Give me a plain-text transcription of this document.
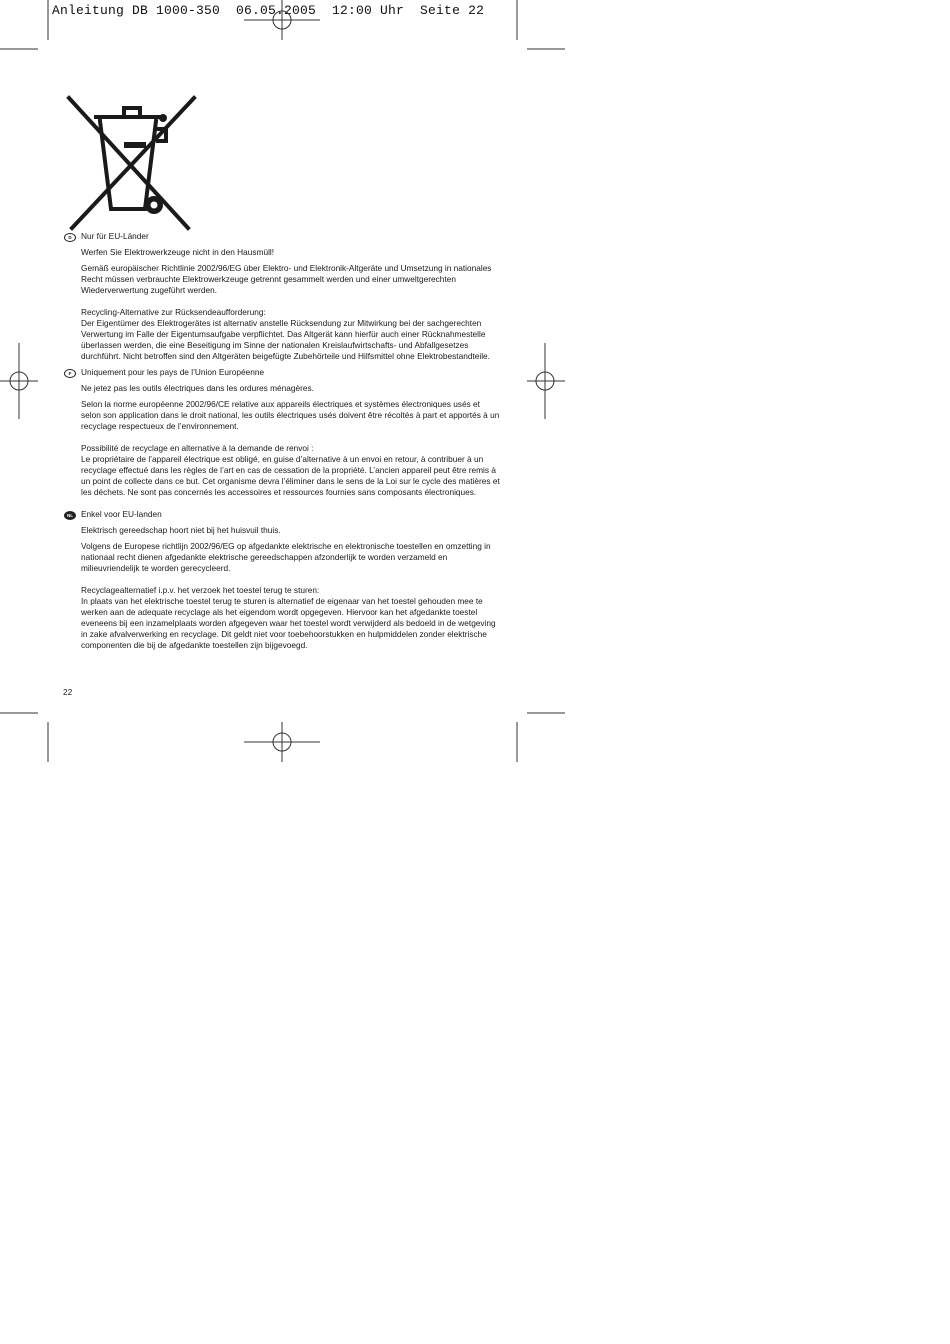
Anleitung DB 1000-350  06.05.2005  12:00 Uhr  Seite 22
D	Nur für EU-Länder

Werfen Sie Elektrowerkzeuge nicht in den Hausmüll!

Gemäß europäischer Richtlinie 2002/96/EG über Elektro- und Elektronik-Altgeräte und Umsetzung in nationales Recht müssen verbrauchte Elektrowerkzeuge getrennt gesammelt werden und einer umweltgerechten Wiederverwertung zugeführt werden.

Recycling-Alternative zur Rücksendeaufforderung:

Der Eigentümer des Elektrogerätes ist alternativ anstelle Rücksendung zur Mitwirkung bei der sachgerechten Verwertung im Falle der Eigentumsaufgabe verpflichtet. Das Altgerät kann hierfür auch einer Rücknahmestelle überlassen werden, die eine Beseitigung im Sinne der nationalen Kreislaufwirtschafts- und Abfallgesetzes durchführt. Nicht betroffen sind den Altgeräten beigefügte Zubehörteile und Hilfsmittel ohne Elektrobestandteile.

F	Uniquement pour les pays de l’Union Européenne

Ne jetez pas les outils électriques dans les ordures ménagères.

Selon la norme européenne 2002/96/CE relative aux appareils électriques et systèmes électroniques usés et selon son application dans le droit national, les outils électriques usés doivent être récoltés à part et apportés à un recyclage respectueux de l’environnement.

Possibilité de recyclage en alternative à la demande de renvoi :

Le propriétaire de l’appareil électrique est obligé, en guise d’alternative à un envoi en retour, à contribuer à un recyclage effectué dans les règles de l’art en cas de cessation de la propriété. L’ancien appareil peut être remis à un point de collecte dans ce but. Cet organisme devra l’éliminer dans le sens de la Loi sur le cycle des matières et les déchets. Ne sont pas concernés les accessoires et ressources fournies sans composants électroniques.

NL Enkel voor EU-landen

Elektrisch gereedschap hoort niet bij het huisvuil thuis.

Volgens de Europese richtlijn 2002/96/EG op afgedankte elektrische en elektronische toestellen en omzetting in nationaal recht dienen afgedankte elektrische gereedschappen afzonderlijk te worden verzameld en milieuvriendelijk te worden gerecycleerd.

Recyclagealternatief i.p.v. het verzoek het toestel terug te sturen:

In plaats van het elektrische toestel terug te sturen is alternatief de eigenaar van het toestel gehouden mee te werken aan de adequate recyclage als het eigendom wordt opgegeven. Hiervoor kan het afgedankte toestel eveneens bij een inzamelplaats worden afgegeven waar het toestel wordt verwijderd als bedoeld in de wetgeving in zake afvalverwerking en recyclage. Dit geldt niet voor toebehoorstukken en hulpmiddelen zonder elektrische componenten die bij de afgedankte toestellen zijn bijgevoegd.

22
